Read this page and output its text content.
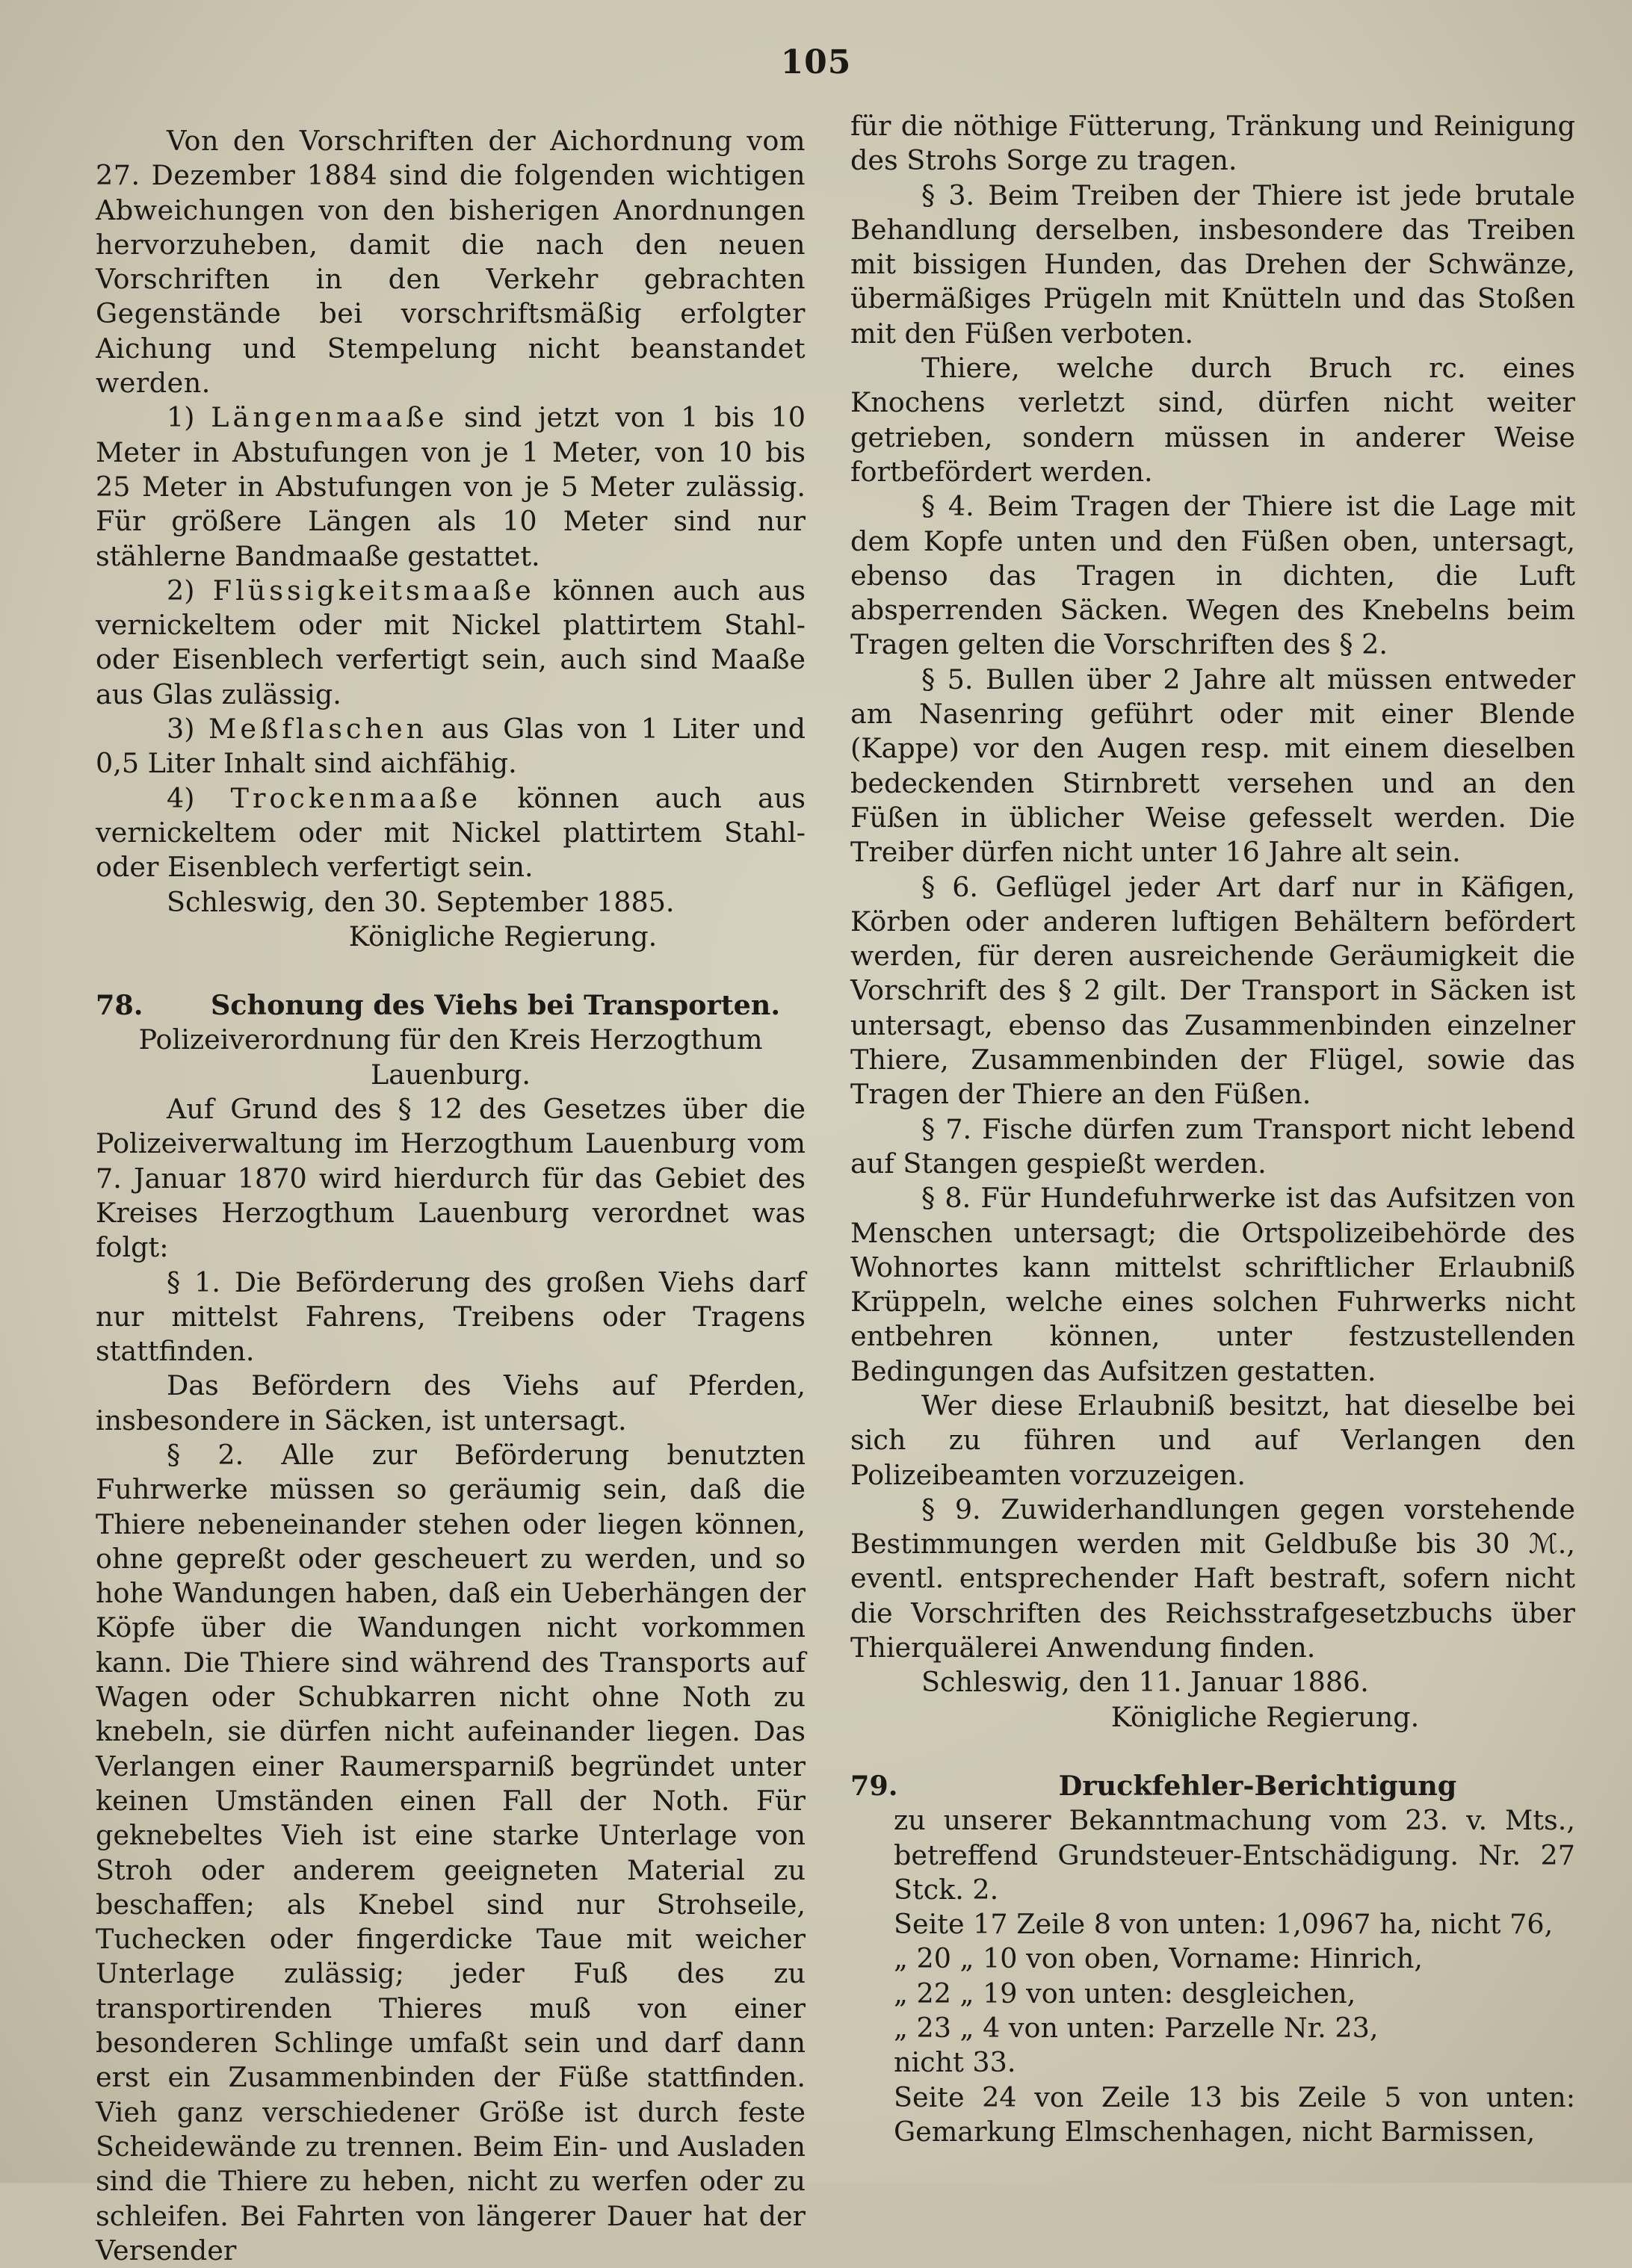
105

Von den Vorschriften der Aichordnung vom 27. Dezember 1884 sind die folgenden wichtigen Abweichungen von den bisherigen Anordnungen hervorzuheben, damit die nach den neuen Vorschriften in den Verkehr gebrachten Gegenstände bei vorschriftsmäßig erfolgter Aichung und Stempelung nicht beanstandet werden.

1) Längenmaaße sind jetzt von 1 bis 10 Meter in Abstufungen von je 1 Meter, von 10 bis 25 Meter in Abstufungen von je 5 Meter zulässig. Für größere Längen als 10 Meter sind nur stählerne Bandmaaße gestattet.

2) Flüssigkeitsmaaße können auch aus vernickeltem oder mit Nickel plattirtem Stahl- oder Eisenblech verfertigt sein, auch sind Maaße aus Glas zulässig.

3) Meßflaschen aus Glas von 1 Liter und 0,5 Liter Inhalt sind aichfähig.

4) Trockenmaaße können auch aus vernickeltem oder mit Nickel plattirtem Stahl- oder Eisenblech verfertigt sein.

Schleswig, den 30. September 1885.

Königliche Regierung.

78.	Schonung des Viehs bei Transporten.

Polizeiverordnung für den Kreis Herzogthum Lauenburg.

Auf Grund des § 12 des Gesetzes über die Polizeiverwaltung im Herzogthum Lauenburg vom 7. Januar 1870 wird hierdurch für das Gebiet des Kreises Herzogthum Lauenburg verordnet was folgt:

§ 1. Die Beförderung des großen Viehs darf nur mittelst Fahrens, Treibens oder Tragens stattfinden.

Das Befördern des Viehs auf Pferden, insbesondere in Säcken, ist untersagt.

§ 2. Alle zur Beförderung benutzten Fuhrwerke müssen so geräumig sein, daß die Thiere nebeneinander stehen oder liegen können, ohne gepreßt oder gescheuert zu werden, und so hohe Wandungen haben, daß ein Ueberhängen der Köpfe über die Wandungen nicht vorkommen kann. Die Thiere sind während des Transports auf Wagen oder Schubkarren nicht ohne Noth zu knebeln, sie dürfen nicht aufeinander liegen. Das Verlangen einer Raumersparniß begründet unter keinen Umständen einen Fall der Noth. Für geknebeltes Vieh ist eine starke Unterlage von Stroh oder anderem geeigneten Material zu beschaffen; als Knebel sind nur Strohseile, Tuchecken oder fingerdicke Taue mit weicher Unterlage zulässig; jeder Fuß des zu transportirenden Thieres muß von einer besonderen Schlinge umfaßt sein und darf dann erst ein Zusammenbinden der Füße stattfinden. Vieh ganz verschiedener Größe ist durch feste Scheidewände zu trennen. Beim Ein- und Ausladen sind die Thiere zu heben, nicht zu werfen oder zu schleifen. Bei Fahrten von längerer Dauer hat der Versender

für die nöthige Fütterung, Tränkung und Reinigung des Strohs Sorge zu tragen.

§ 3. Beim Treiben der Thiere ist jede brutale Behandlung derselben, insbesondere das Treiben mit bissigen Hunden, das Drehen der Schwänze, übermäßiges Prügeln mit Knütteln und das Stoßen mit den Füßen verboten.

Thiere, welche durch Bruch rc. eines Knochens verletzt sind, dürfen nicht weiter getrieben, sondern müssen in anderer Weise fortbefördert werden.

§ 4. Beim Tragen der Thiere ist die Lage mit dem Kopfe unten und den Füßen oben, untersagt, ebenso das Tragen in dichten, die Luft absperrenden Säcken. Wegen des Knebelns beim Tragen gelten die Vorschriften des § 2.

§ 5. Bullen über 2 Jahre alt müssen entweder am Nasenring geführt oder mit einer Blende (Kappe) vor den Augen resp. mit einem dieselben bedeckenden Stirnbrett versehen und an den Füßen in üblicher Weise gefesselt werden. Die Treiber dürfen nicht unter 16 Jahre alt sein.

§ 6. Geflügel jeder Art darf nur in Käfigen, Körben oder anderen luftigen Behältern befördert werden, für deren ausreichende Geräumigkeit die Vorschrift des § 2 gilt. Der Transport in Säcken ist untersagt, ebenso das Zusammenbinden einzelner Thiere, Zusammenbinden der Flügel, sowie das Tragen der Thiere an den Füßen.

§ 7. Fische dürfen zum Transport nicht lebend auf Stangen gespießt werden.

§ 8. Für Hundefuhrwerke ist das Aufsitzen von Menschen untersagt; die Ortspolizeibehörde des Wohnortes kann mittelst schriftlicher Erlaubniß Krüppeln, welche eines solchen Fuhrwerks nicht entbehren können, unter festzustellenden Bedingungen das Aufsitzen gestatten.

Wer diese Erlaubniß besitzt, hat dieselbe bei sich zu führen und auf Verlangen den Polizeibeamten vorzuzeigen.

§ 9. Zuwiderhandlungen gegen vorstehende Bestimmungen werden mit Geldbuße bis 30 ℳ., eventl. entsprechender Haft bestraft, sofern nicht die Vorschriften des Reichsstrafgesetzbuchs über Thierquälerei Anwendung finden.

Schleswig, den 11. Januar 1886.

Königliche Regierung.

79.	Druckfehler-Berichtigung

zu unserer Bekanntmachung vom 23. v. Mts., betreffend Grundsteuer-Entschädigung. Nr. 27 Stck. 2.

Seite 17 Zeile 8 von unten: 1,0967 ha, nicht 76,

„ 20 „ 10 von oben, Vorname: Hinrich,

„ 22 „ 19 von unten: desgleichen,

„ 23 „ 4 von unten: Parzelle Nr. 23,

nicht 33.

Seite 24 von Zeile 13 bis Zeile 5 von unten: Gemarkung Elmschenhagen, nicht Barmissen,
